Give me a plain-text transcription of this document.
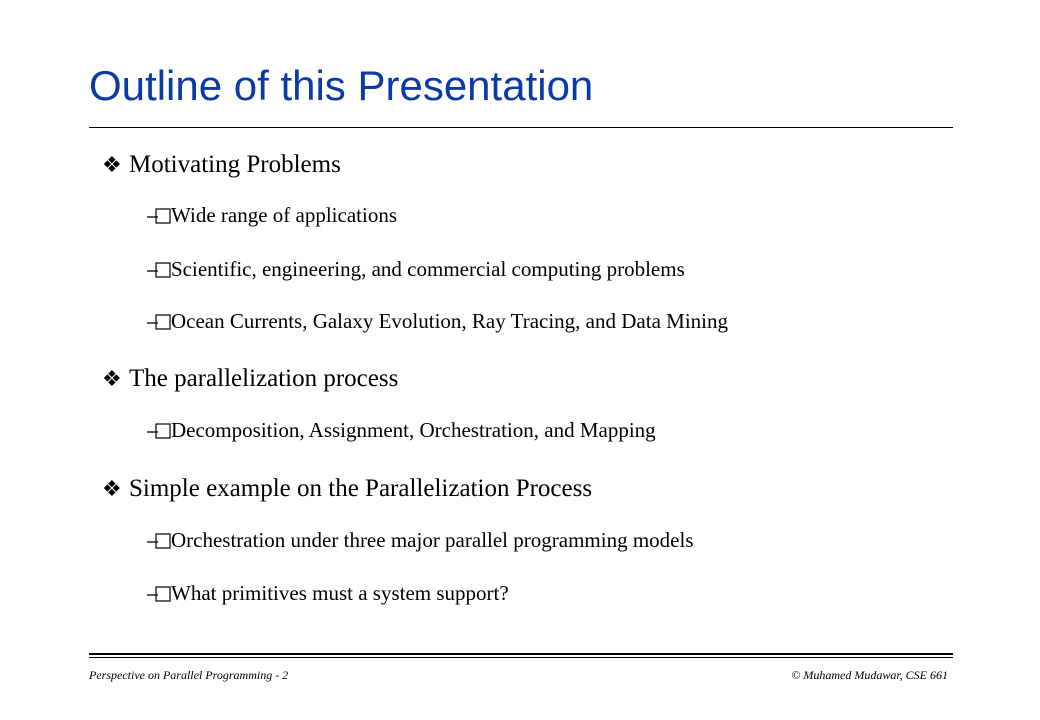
Outline of this Presentation
❖ Motivating Problems
Wide range of applications
Scientific, engineering, and commercial computing problems
Ocean Currents, Galaxy Evolution, Ray Tracing, and Data Mining
❖ The parallelization process
Decomposition, Assignment, Orchestration, and Mapping
❖ Simple example on the Parallelization Process
Orchestration under three major parallel programming models
What primitives must a system support?
Perspective on Parallel Programming - 2	© Muhamed Mudawar, CSE 661
